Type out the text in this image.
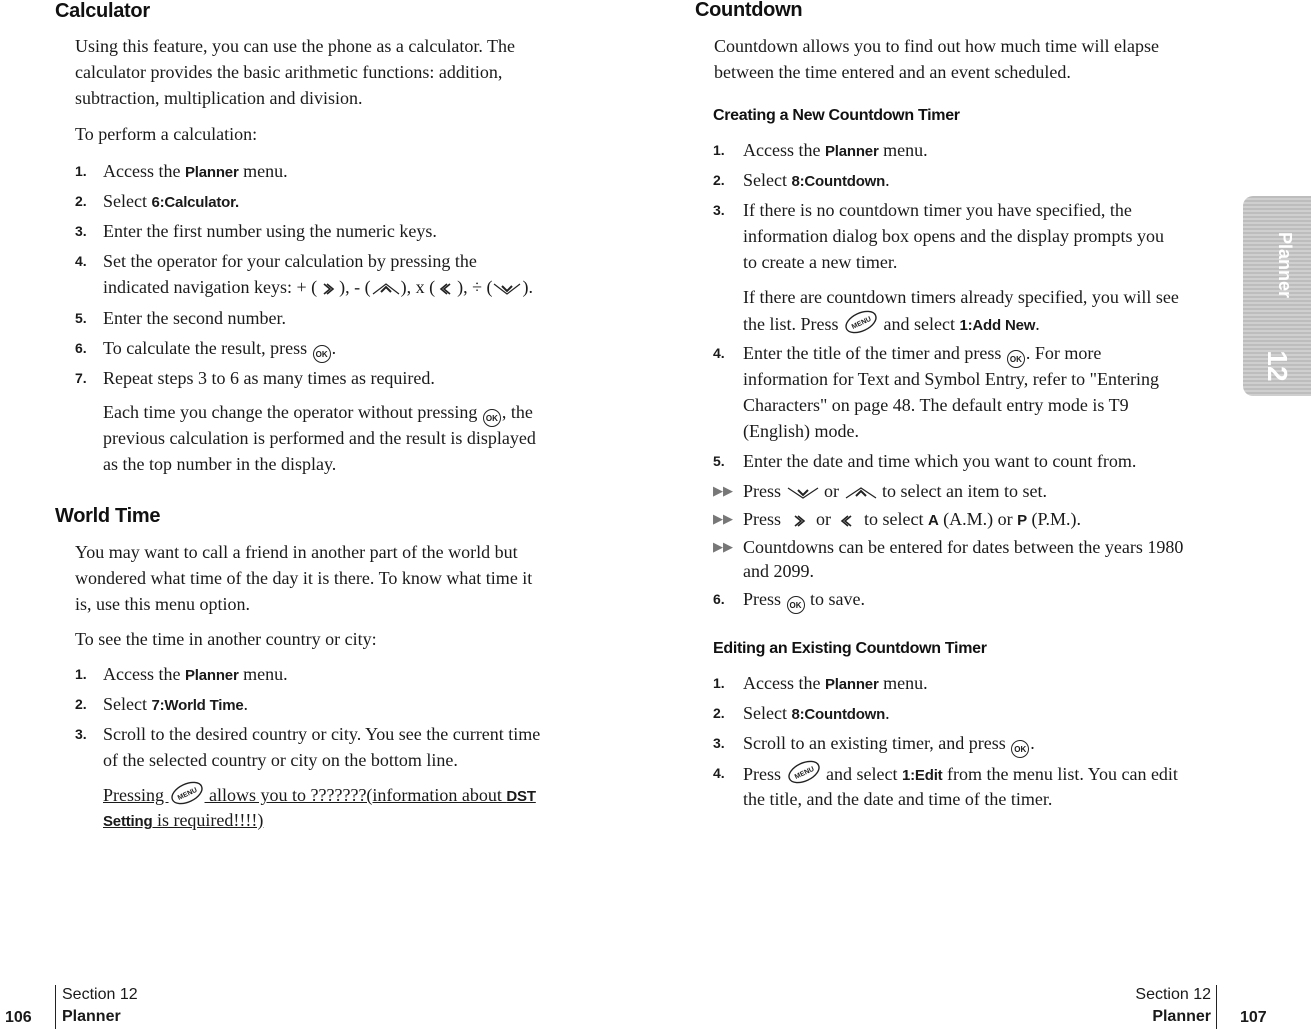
Calculator

Using this feature, you can use the phone as a calculator. The

calculator provides the basic arithmetic functions: addition,

subtraction, multiplication and division.

To perform a calculation:

1. Access the Planner menu.

2. Select 6:Calculator.

3. Enter the first number using the numeric keys.

4. Set the operator for your calculation by pressing the

indicated navigation keys: + ( ), - ( ), x ( ), ÷ ( ).

5. Enter the second number.

6. To calculate the result, press OK .

7. Repeat steps 3 to 6 as many times as required.

Each time you change the operator without pressing OK , the

previous calculation is performed and the result is displayed

as the top number in the display.

World Time

You may want to call a friend in another part of the world but

wondered what time of the day it is there. To know what time it

is, use this menu option.

To see the time in another country or city:

1. Access the Planner menu.

2. Select 7:World Time.

3. Scroll to the desired country or city. You see the current time

of the selected country or city on the bottom line.

Pressing MENU allows you to ???????(information about DST

Setting is required!!!!)

106
Section 12
Planner
Countdown

Countdown allows you to find out how much time will elapse

between the time entered and an event scheduled.

Creating a New Countdown Timer
1. Access the Planner menu.

2. Select 8:Countdown.

3. If there is no countdown timer you have specified, the

information dialog box opens and the display prompts you

to create a new timer.

If there are countdown timers already specified, you will see

the list. Press MENU and select 1:Add New.

4. Enter the title of the timer and press OK . For more

information for Text and Symbol Entry, refer to "Entering

Characters" on page 48. The default entry mode is T9

(English) mode.

5. Enter the date and time which you want to count from.

▶▶ Press  or  to select an item to set.

▶▶ Press  or  to select A (A.M.) or P (P.M.).

▶▶ Countdowns can be entered for dates between the years 1980

and 2099.

6. Press OK to save.

Editing an Existing Countdown Timer
1. Access the Planner menu.

2. Select 8:Countdown.

3. Scroll to an existing timer, and press OK .

4. Press MENU and select 1:Edit from the menu list. You can edit

the title, and the date and time of the timer.

Section 12
Planner 107
Planner
12
